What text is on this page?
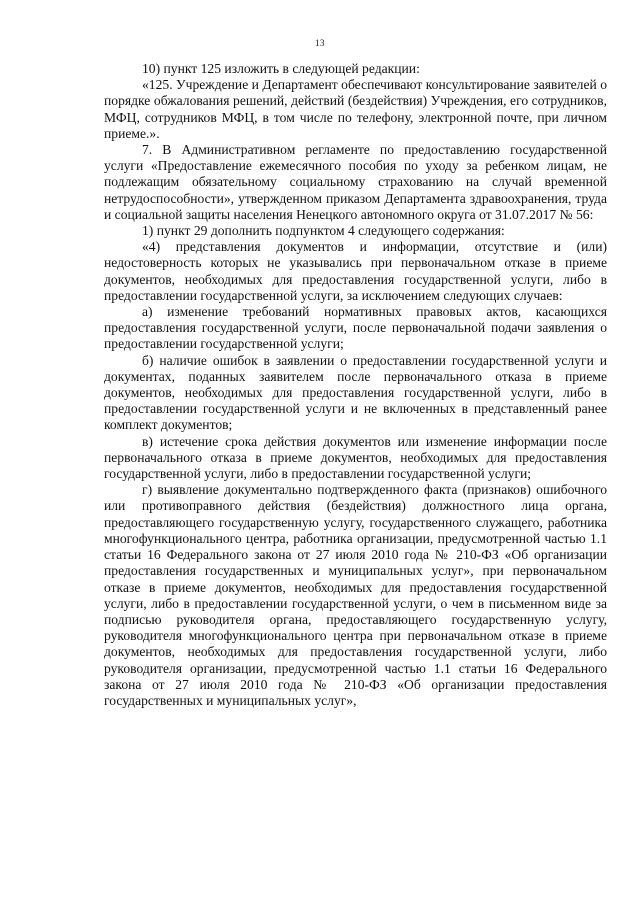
13

10) пункт 125 изложить в следующей редакции:

«125. Учреждение и Департамент обеспечивают консультирование заявителей о порядке обжалования решений, действий (бездействия) Учреждения, его сотрудников, МФЦ, сотрудников МФЦ, в том числе по телефону, электронной почте, при личном приеме.».

7. В Административном регламенте по предоставлению государственной услуги «Предоставление ежемесячного пособия по уходу за ребенком лицам, не подлежащим обязательному социальному страхованию на случай временной нетрудоспособности», утвержденном приказом Департамента здравоохранения, труда и социальной защиты населения Ненецкого автономного округа от 31.07.2017 № 56:

1) пункт 29 дополнить подпунктом 4 следующего содержания:

«4) представления документов и информации, отсутствие и (или) недостоверность которых не указывались при первоначальном отказе в приеме документов, необходимых для предоставления государственной услуги, либо в предоставлении государственной услуги, за исключением следующих случаев:

а) изменение требований нормативных правовых актов, касающихся предоставления государственной услуги, после первоначальной подачи заявления о предоставлении государственной услуги;

б) наличие ошибок в заявлении о предоставлении государственной услуги и документах, поданных заявителем после первоначального отказа в приеме документов, необходимых для предоставления государственной услуги, либо в предоставлении государственной услуги и не включенных в представленный ранее комплект документов;

в) истечение срока действия документов или изменение информации после первоначального отказа в приеме документов, необходимых для предоставления государственной услуги, либо в предоставлении государственной услуги;

г) выявление документально подтвержденного факта (признаков) ошибочного или противоправного действия (бездействия) должностного лица органа, предоставляющего государственную услугу, государственного служащего, работника многофункционального центра, работника организации, предусмотренной частью 1.1 статьи 16 Федерального закона от 27 июля 2010 года № 210-ФЗ «Об организации предоставления государственных и муниципальных услуг», при первоначальном отказе в приеме документов, необходимых для предоставления государственной услуги, либо в предоставлении государственной услуги, о чем в письменном виде за подписью руководителя органа, предоставляющего государственную услугу, руководителя многофункционального центра при первоначальном отказе в приеме документов, необходимых для предоставления государственной услуги, либо руководителя организации, предусмотренной частью 1.1 статьи 16 Федерального закона от 27 июля 2010 года № 210-ФЗ «Об организации предоставления государственных и муниципальных услуг»,
